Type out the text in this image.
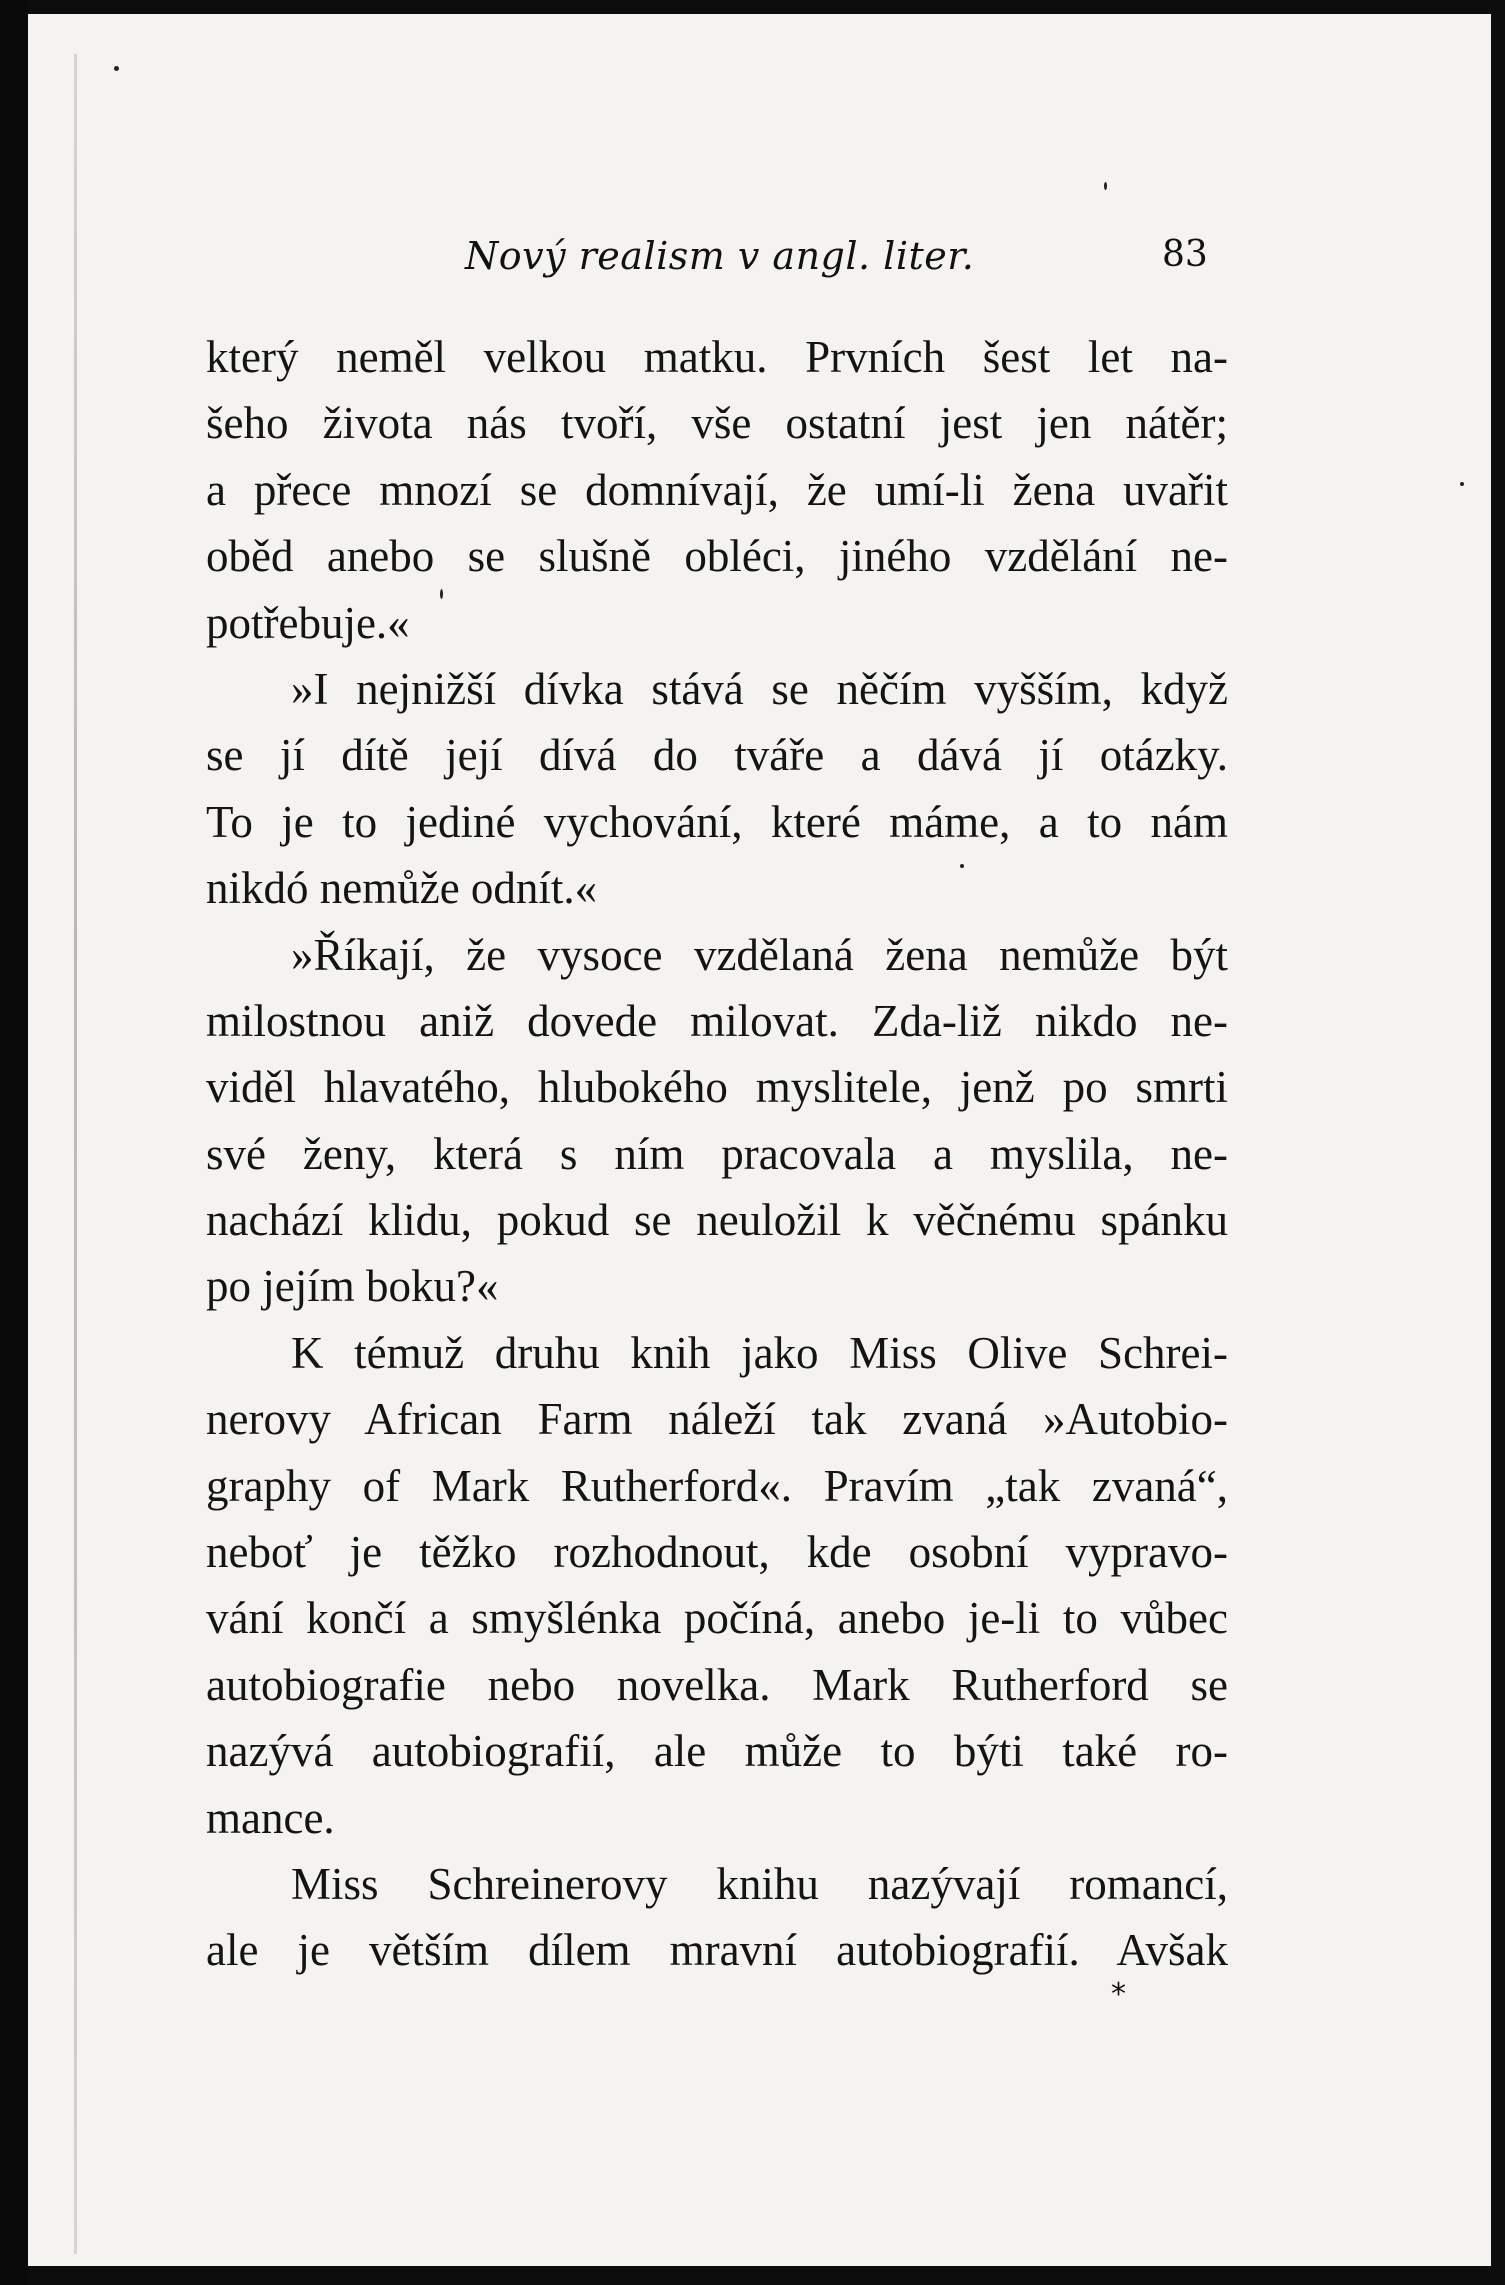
Nový realism v angl. liter.	83
který neměl velkou matku. Prvních šest let na-
šeho života nás tvoří, vše ostatní jest jen nátěr;
a přece mnozí se domnívají, že umí-li žena uvařit
oběd anebo se slušně obléci, jiného vzdělání ne-
potřebuje.«
»I nejnižší dívka stává se něčím vyšším, když
se jí dítě její dívá do tváře a dává jí otázky.
To je to jediné vychování, které máme, a to nám
nikdó nemůže odnít.«
»Říkají, že vysoce vzdělaná žena nemůže být
milostnou aniž dovede milovat. Zda-liž nikdo ne-
viděl hlavatého, hlubokého myslitele, jenž po smrti
své ženy, která s ním pracovala a myslila, ne-
nachází klidu, pokud se neuložil k věčnému spánku
po jejím boku?«
K témuž druhu knih jako Miss Olive Schrei-
nerovy African Farm náleží tak zvaná »Autobio-
graphy of Mark Rutherford«. Pravím „tak zvaná“,
neboť je těžko rozhodnout, kde osobní vypravo-
vání končí a smyšlénka počíná, anebo je-li to vůbec
autobiografie nebo novelka. Mark Rutherford se
nazývá autobiografií, ale může to býti také ro-
mance.
Miss Schreinerovy knihu nazývají romancí,
ale je větším dílem mravní autobiografií. Avšak
*
